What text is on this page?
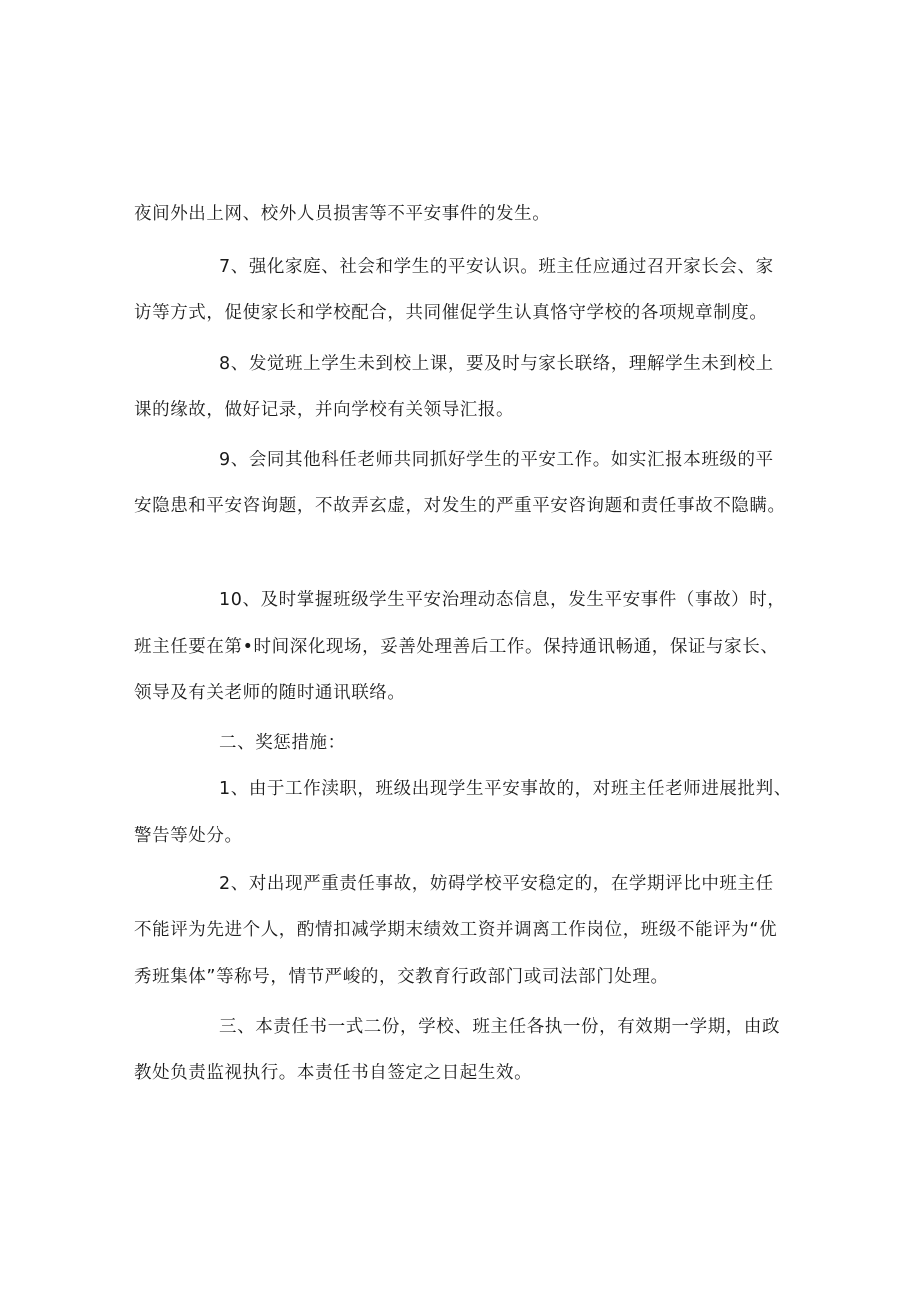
夜间外出上网、校外人员损害等不平安事件的发生。
7、强化家庭、社会和学生的平安认识。班主任应通过召开家长会、家
访等方式，促使家长和学校配合，共同催促学生认真恪守学校的各项规章制度。
8、发觉班上学生未到校上课，要及时与家长联络，理解学生未到校上
课的缘故，做好记录，并向学校有关领导汇报。
9、会同其他科任老师共同抓好学生的平安工作。如实汇报本班级的平
安隐患和平安咨询题，不故弄玄虚，对发生的严重平安咨询题和责任事故不隐瞒。
10、及时掌握班级学生平安治理动态信息，发生平安事件（事故）时，
班主任要在第•时间深化现场，妥善处理善后工作。保持通讯畅通，保证与家长、
领导及有关老师的随时通讯联络。
二、奖惩措施：
1、由于工作渎职，班级出现学生平安事故的，对班主任老师进展批判、
警告等处分。
2、对出现严重责任事故，妨碍学校平安稳定的，在学期评比中班主任
不能评为先进个人，酌情扣减学期末绩效工资并调离工作岗位，班级不能评为“优
秀班集体”等称号，情节严峻的，交教育行政部门或司法部门处理。
三、本责任书一式二份，学校、班主任各执一份，有效期一学期，由政
教处负责监视执行。本责任书自签定之日起生效。
